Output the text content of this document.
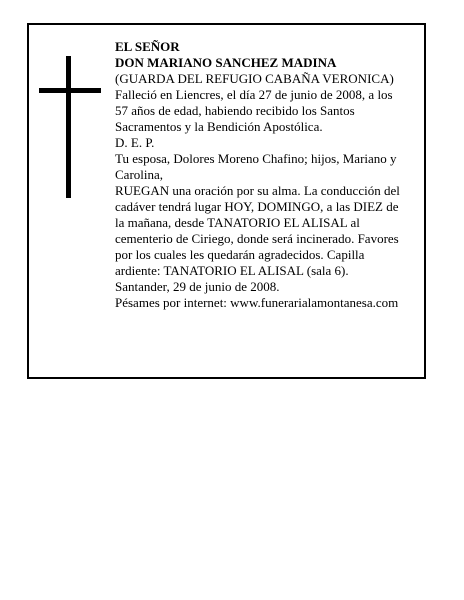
EL SEÑOR
DON MARIANO SANCHEZ MADINA
(GUARDA DEL REFUGIO CABAÑA VERONICA)
Falleció en Liencres, el día 27 de junio de 2008, a los
57 años de edad, habiendo recibido los Santos
Sacramentos y la Bendición Apostólica.
D. E. P.
Tu esposa, Dolores Moreno Chafino; hijos, Mariano y
Carolina,
RUEGAN una oración por su alma. La conducción del
cadáver tendrá lugar HOY, DOMINGO, a las DIEZ de
la mañana, desde TANATORIO EL ALISAL al
cementerio de Ciriego, donde será incinerado. Favores
por los cuales les quedarán agradecidos. Capilla
ardiente: TANATORIO EL ALISAL (sala 6).
Santander, 29 de junio de 2008.
Pésames por internet: www.funerarialamontanesa.com
